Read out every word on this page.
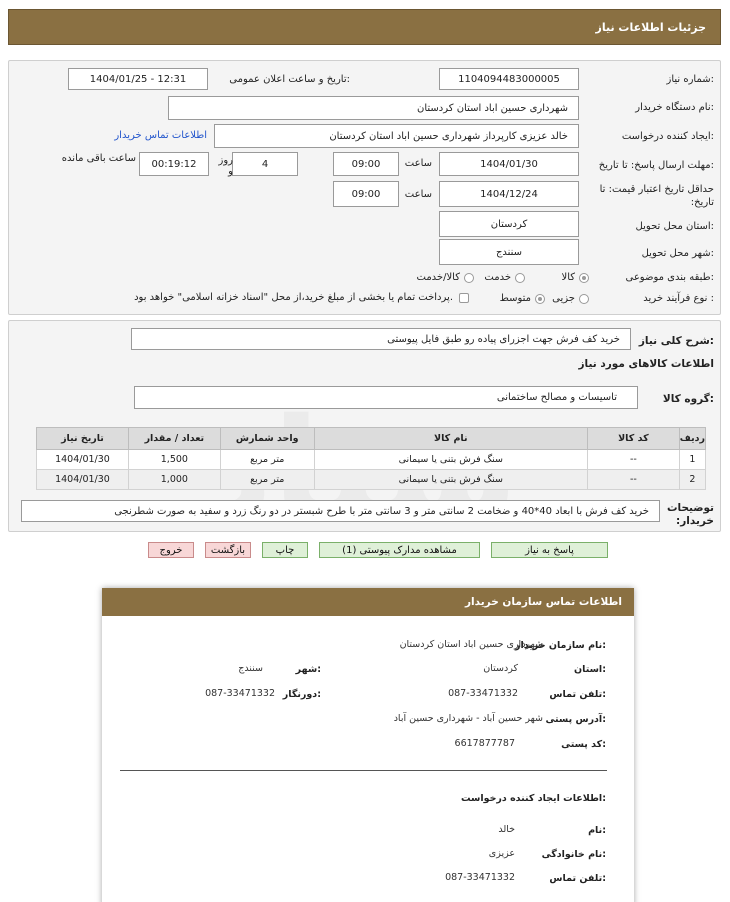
جزئیات اطلاعات نیاز
شماره نیاز:
1104094483000005
تاریخ و ساعت اعلان عمومی:
1404/01/25 - 12:31
نام دستگاه خریدار:
شهرداری حسین اباد استان کردستان
ایجاد کننده درخواست:
خالد عزیزی کارپرداز شهرداری حسین اباد استان کردستان
اطلاعات تماس خریدار
مهلت ارسال پاسخ: تا تاریخ:
1404/01/30
ساعت
09:00
4
روز و
00:19:12
ساعت باقی مانده
حداقل تاریخ اعتبار قیمت: تا تاریخ:
1404/12/24
ساعت
09:00
استان محل تحویل:
کردستان
شهر محل تحویل:
سنندج
طبقه بندی موضوعی:
کالا
خدمت
کالا/خدمت
نوع فرآیند خرید :
جزیی
متوسط
پرداخت تمام یا بخشی از مبلغ خرید،از محل "اسناد خزانه اسلامی" خواهد بود.
شرح کلی نیاز:
خرید کف فرش جهت اجزرای پیاده رو طبق فایل پیوستی
اطلاعات کالاهای مورد نیاز
گروه کالا:
تاسیسات و مصالح ساختمانی
ردیف	کد کالا	نام کالا	واحد شمارش	تعداد / مقدار	تاریخ نیاز
1	--	سنگ فرش بتنی یا سیمانی	متر مربع	1,500	1404/01/30
2	--	سنگ فرش بتنی یا سیمانی	متر مربع	1,000	1404/01/30
توضیحات خریدار:
خرید کف فرش با ابعاد 40*40 و ضخامت 2 سانتی متر و 3 سانتی متر با طرح شبستر در دو رنگ زرد و سفید به صورت شطرنجی
پاسخ به نیاز
مشاهده مدارک پیوستی (1)
چاپ
بازگشت
خروج
اطلاعات تماس سازمان خریدار
نام سازمان خریدار:
شهرداری حسین اباد استان کردستان
استان:
کردستان
شهر:
سنندج
تلفن تماس:
087-33471332
دورنگار:
087-33471332
آدرس پستی:
شهر حسین آباد - شهرداری حسین آباد
کد پستی:
6617877787
اطلاعات ایجاد کننده درخواست:
نام:
خالد
نام خانوادگی:
عزیزی
تلفن تماس:
087-33471332
